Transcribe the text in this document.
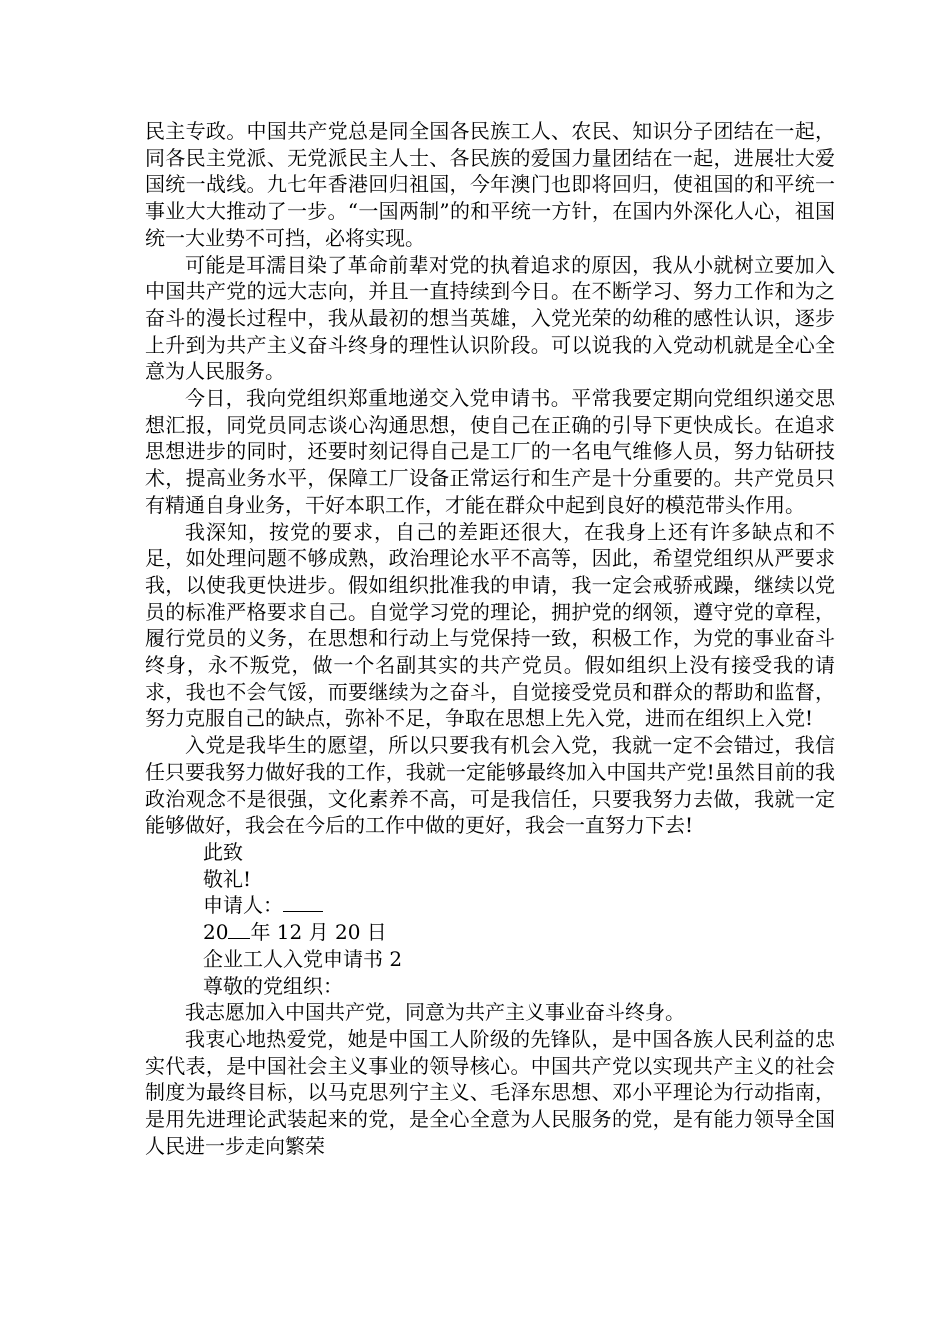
民主专政。中国共产党总是同全国各民族工人、农民、知识分子团结在一起，同各民主党派、无党派民主人士、各民族的爱国力量团结在一起，进展壮大爱国统一战线。九七年香港回归祖国，今年澳门也即将回归，使祖国的和平统一事业大大推动了一步。“一国两制”的和平统一方针，在国内外深化人心，祖国统一大业势不可挡，必将实现。

可能是耳濡目染了革命前辈对党的执着追求的原因，我从小就树立要加入中国共产党的远大志向，并且一直持续到今日。在不断学习、努力工作和为之奋斗的漫长过程中，我从最初的想当英雄，入党光荣的幼稚的感性认识，逐步上升到为共产主义奋斗终身的理性认识阶段。可以说我的入党动机就是全心全意为人民服务。

今日，我向党组织郑重地递交入党申请书。平常我要定期向党组织递交思想汇报，同党员同志谈心沟通思想，使自己在正确的引导下更快成长。在追求思想进步的同时，还要时刻记得自己是工厂的一名电气维修人员，努力钻研技术，提高业务水平，保障工厂设备正常运行和生产是十分重要的。共产党员只有精通自身业务，干好本职工作，才能在群众中起到良好的模范带头作用。

我深知，按党的要求，自己的差距还很大，在我身上还有许多缺点和不足，如处理问题不够成熟，政治理论水平不高等，因此，希望党组织从严要求我，以使我更快进步。假如组织批准我的申请，我一定会戒骄戒躁，继续以党员的标准严格要求自己。自觉学习党的理论，拥护党的纲领，遵守党的章程，履行党员的义务，在思想和行动上与党保持一致，积极工作，为党的事业奋斗终身，永不叛党，做一个名副其实的共产党员。假如组织上没有接受我的请求，我也不会气馁，而要继续为之奋斗，自觉接受党员和群众的帮助和监督，努力克服自己的缺点，弥补不足，争取在思想上先入党，进而在组织上入党!

入党是我毕生的愿望，所以只要我有机会入党，我就一定不会错过，我信任只要我努力做好我的工作，我就一定能够最终加入中国共产党!虽然目前的我政治观念不是很强，文化素养不高，可是我信任，只要我努力去做，我就一定能够做好，我会在今后的工作中做的更好，我会一直努力下去!

此致

敬礼!

申请人：

20 年 12 月 20 日

企业工人入党申请书 2

尊敬的党组织：

我志愿加入中国共产党，同意为共产主义事业奋斗终身。

我衷心地热爱党，她是中国工人阶级的先锋队，是中国各族人民利益的忠实代表，是中国社会主义事业的领导核心。中国共产党以实现共产主义的社会制度为最终目标，以马克思列宁主义、毛泽东思想、邓小平理论为行动指南，是用先进理论武装起来的党，是全心全意为人民服务的党，是有能力领导全国人民进一步走向繁荣
